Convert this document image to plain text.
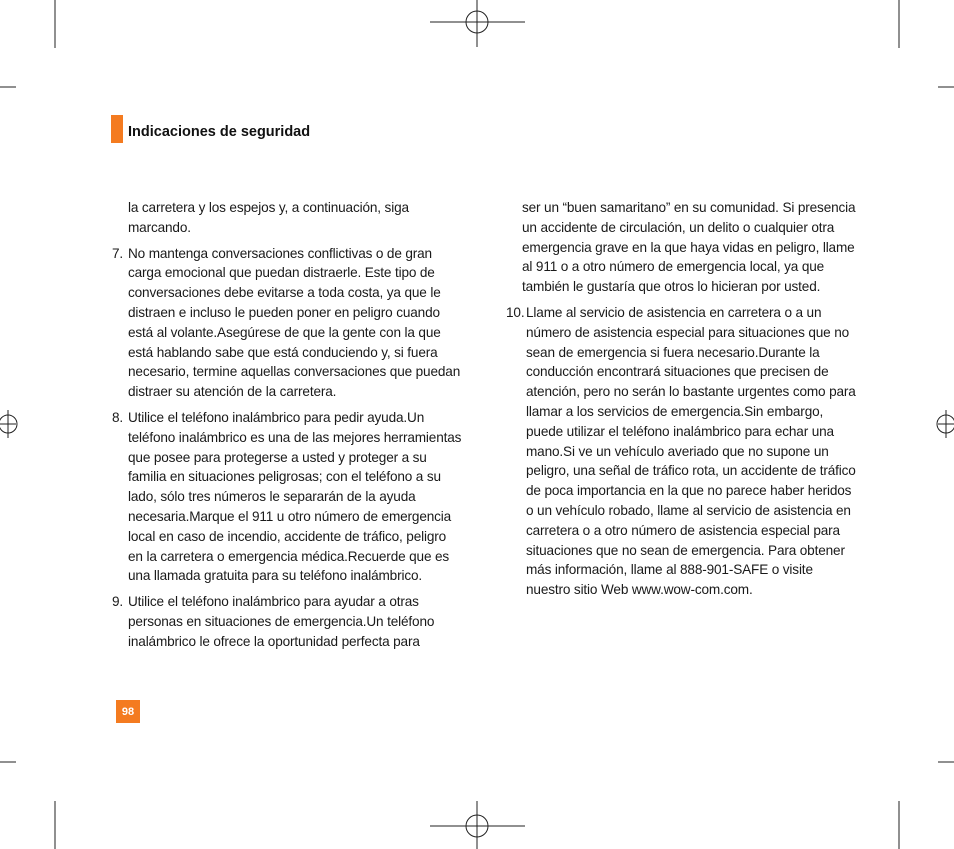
Indicaciones de seguridad
la carretera y los espejos y, a continuación, siga marcando.
7. No mantenga conversaciones conflictivas o de gran carga emocional que puedan distraerle. Este tipo de conversaciones debe evitarse a toda costa, ya que le distraen e incluso le pueden poner en peligro cuando está al volante.Asegúrese de que la gente con la que está hablando sabe que está conduciendo y, si fuera necesario, termine aquellas conversaciones que puedan distraer su atención de la carretera.
8. Utilice el teléfono inalámbrico para pedir ayuda.Un teléfono inalámbrico es una de las mejores herramientas que posee para protegerse a usted y proteger a su familia en situaciones peligrosas; con el teléfono a su lado, sólo tres números le separarán de la ayuda necesaria.Marque el 911 u otro número de emergencia local en caso de incendio, accidente de tráfico, peligro en la carretera o emergencia médica.Recuerde que es una llamada gratuita para su teléfono inalámbrico.
9. Utilice el teléfono inalámbrico para ayudar a otras personas en situaciones de emergencia.Un teléfono inalámbrico le ofrece la oportunidad perfecta para
ser un “buen samaritano” en su comunidad. Si presencia un accidente de circulación, un delito o cualquier otra emergencia grave en la que haya vidas en peligro, llame al 911 o a otro número de emergencia local, ya que también le gustaría que otros lo hicieran por usted.
10. Llame al servicio de asistencia en carretera o a un número de asistencia especial para situaciones que no sean de emergencia si fuera necesario.Durante la conducción encontrará situaciones que precisen de atención, pero no serán lo bastante urgentes como para llamar a los servicios de emergencia.Sin embargo, puede utilizar el teléfono inalámbrico para echar una mano.Si ve un vehículo averiado que no supone un peligro, una señal de tráfico rota, un accidente de tráfico de poca importancia en la que no parece haber heridos o un vehículo robado, llame al servicio de asistencia en carretera o a otro número de asistencia especial para situaciones que no sean de emergencia. Para obtener más información, llame al 888-901-SAFE o visite nuestro sitio Web www.wow-com.com.
98
